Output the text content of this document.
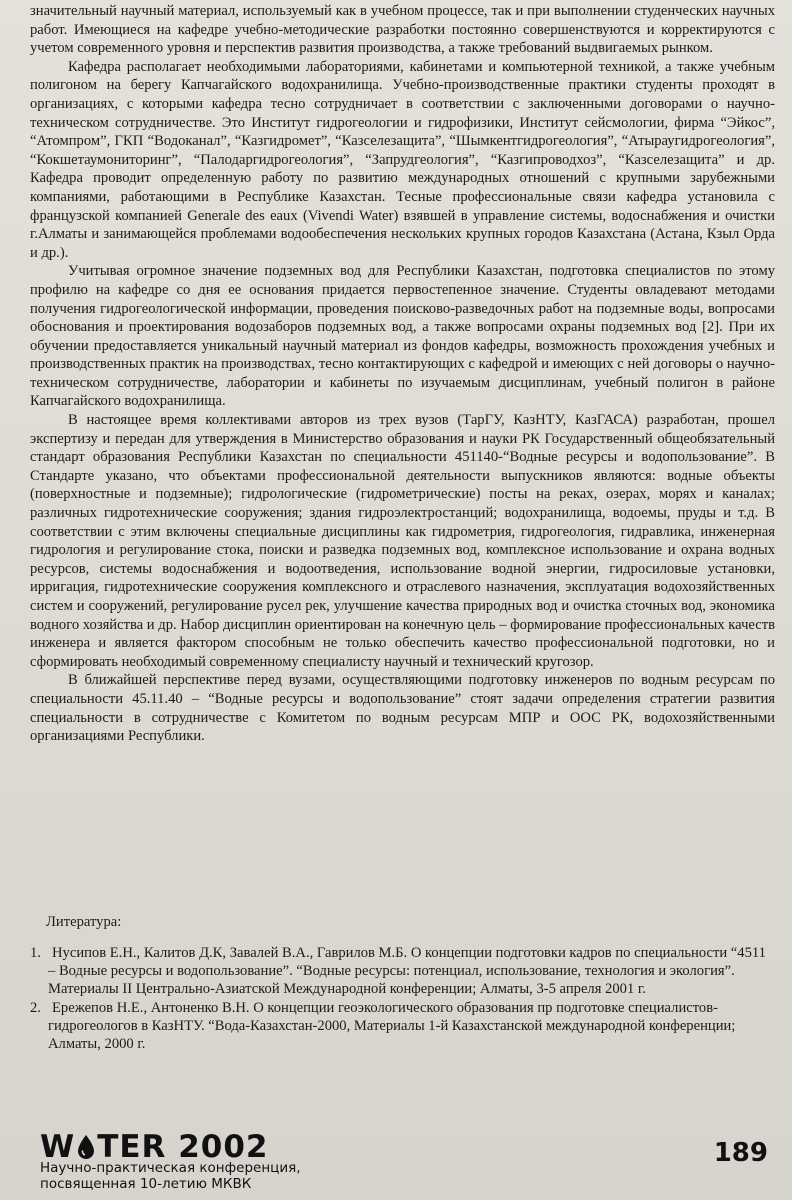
значительный научный материал, используемый как в учебном процессе, так и при выполнении студенческих научных работ. Имеющиеся на кафедре учебно-методические разработки постоянно совершенствуются и корректируются с учетом современного уровня и перспектив развития производства, а также требований выдвигаемых рынком.

Кафедра располагает необходимыми лабораториями, кабинетами и компьютерной техникой, а также учебным полигоном на берегу Капчагайского водохранилища. Учебно-производственные практики студенты проходят в организациях, с которыми кафедра тесно сотрудничает в соответствии с заключенными договорами о научно-техническом сотрудничестве. Это Институт гидрогеологии и гидрофизики, Институт сейсмологии, фирма “Эйкос”, “Атомпром”, ГКП “Водоканал”, “Казгидромет”, “Казселезащита”, “Шымкентгидрогеология”, “Атыраугидрогеология”, “Кокшетаумониторинг”, “Палодаргидрогеология”, “Запрудгеология”, “Казгипроводхоз”, “Казселезащита” и др. Кафедра проводит определенную работу по развитию международных отношений с крупными зарубежными компаниями, работающими в Республике Казахстан. Тесные профессиональные связи кафедра установила с французской компанией Generale des eaux (Vivendi Water) взявшей в управление системы, водоснабжения и очистки г.Алматы и занимающейся проблемами водообеспечения нескольких крупных городов Казахстана (Астана, Кзыл Орда и др.).

Учитывая огромное значение подземных вод для Республики Казахстан, подготовка специалистов по этому профилю на кафедре со дня ее основания придается первостепенное значение. Студенты овладевают методами получения гидрогеологической информации, проведения поисково-разведочных работ на подземные воды, вопросами обоснования и проектирования водозаборов подземных вод, а также вопросами охраны подземных вод [2]. При их обучении предоставляется уникальный научный материал из фондов кафедры, возможность прохождения учебных и производственных практик на производствах, тесно контактирующих с кафедрой и имеющих с ней договоры о научно-техническом сотрудничестве, лаборатории и кабинеты по изучаемым дисциплинам, учебный полигон в районе Капчагайского водохранилища.

В настоящее время коллективами авторов из трех вузов (ТарГУ, КазНТУ, КазГАСА) разработан, прошел экспертизу и передан для утверждения в Министерство образования и науки РК Государственный общеобязательный стандарт образования Республики Казахстан по специальности 451140-“Водные ресурсы и водопользование”. В Стандарте указано, что объектами профессиональной деятельности выпускников являются: водные объекты (поверхностные и подземные); гидрологические (гидрометрические) посты на реках, озерах, морях и каналах; различных гидротехнические сооружения; здания гидроэлектростанций; водохранилища, водоемы, пруды и т.д. В соответствии с этим включены специальные дисциплины как гидрометрия, гидрогеология, гидравлика, инженерная гидрология и регулирование стока, поиски и разведка подземных вод, комплексное использование и охрана водных ресурсов, системы водоснабжения и водоотведения, использование водной энергии, гидросиловые установки, ирригация, гидротехнические сооружения комплексного и отраслевого назначения, эксплуатация водохозяйственных систем и сооружений, регулирование русел рек, улучшение качества природных вод и очистка сточных вод, экономика водного хозяйства и др. Набор дисциплин ориентирован на конечную цель – формирование профессиональных качеств инженера и является фактором способным не только обеспечить качество профессиональной подготовки, но и сформировать необходимый современному специалисту научный и технический кругозор.

В ближайшей перспективе перед вузами, осуществляющими подготовку инженеров по водным ресурсам по специальности 45.11.40 – “Водные ресурсы и водопользование” стоят задачи определения стратегии развития специальности в сотрудничестве с Комитетом по водным ресурсам МПР и ООС РК, водохозяйственными организациями Республики.

Литература:

1. Нусипов Е.Н., Калитов Д.К, Завалей В.А., Гаврилов М.Б. О концепции подготовки кадров по специальности “4511 – Водные ресурсы и водопользование”. “Водные ресурсы: потенциал, использование, технология и экология”. Материалы II Центрально-Азиатской Международной конференции; Алматы, 3-5 апреля 2001 г.

2. Ережепов Н.Е., Антоненко В.Н. О концепции геоэкологического образования пр подготовке специалистов-гидрогеологов в КазНТУ. “Вода-Казахстан-2000, Материалы 1-й Казахстанской международной конференции; Алматы, 2000 г.

W TER 2002
Научно-практическая конференция,
посвященная 10-летию МКВК
189
